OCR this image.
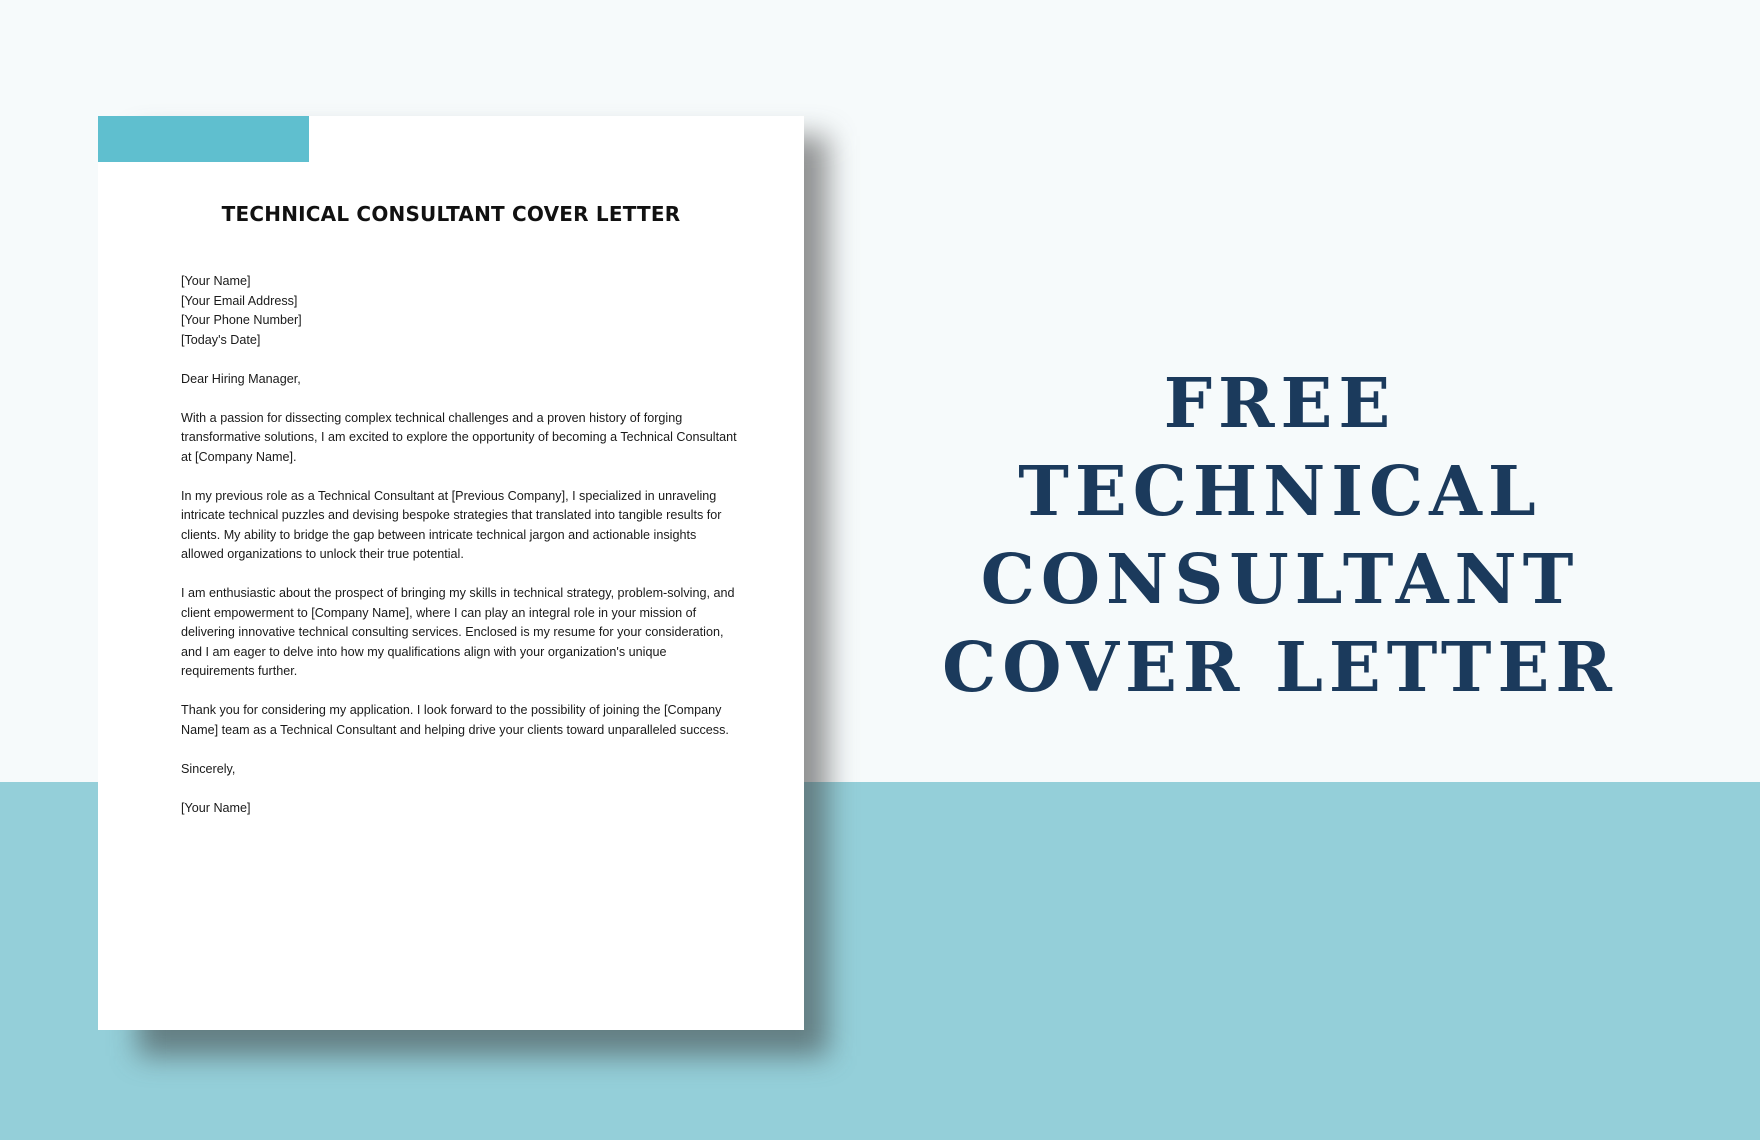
TECHNICAL CONSULTANT COVER LETTER

[Your Name]
[Your Email Address]
[Your Phone Number]
[Today's Date]

Dear Hiring Manager,

With a passion for dissecting complex technical challenges and a proven history of forging transformative solutions, I am excited to explore the opportunity of becoming a Technical Consultant at [Company Name].

In my previous role as a Technical Consultant at [Previous Company], I specialized in unraveling intricate technical puzzles and devising bespoke strategies that translated into tangible results for clients. My ability to bridge the gap between intricate technical jargon and actionable insights allowed organizations to unlock their true potential.

I am enthusiastic about the prospect of bringing my skills in technical strategy, problem-solving, and client empowerment to [Company Name], where I can play an integral role in your mission of delivering innovative technical consulting services. Enclosed is my resume for your consideration, and I am eager to delve into how my qualifications align with your organization's unique requirements further.

Thank you for considering my application. I look forward to the possibility of joining the [Company Name] team as a Technical Consultant and helping drive your clients toward unparalleled success.

Sincerely,

[Your Name]

FREE TECHNICAL
CONSULTANT
COVER LETTER
